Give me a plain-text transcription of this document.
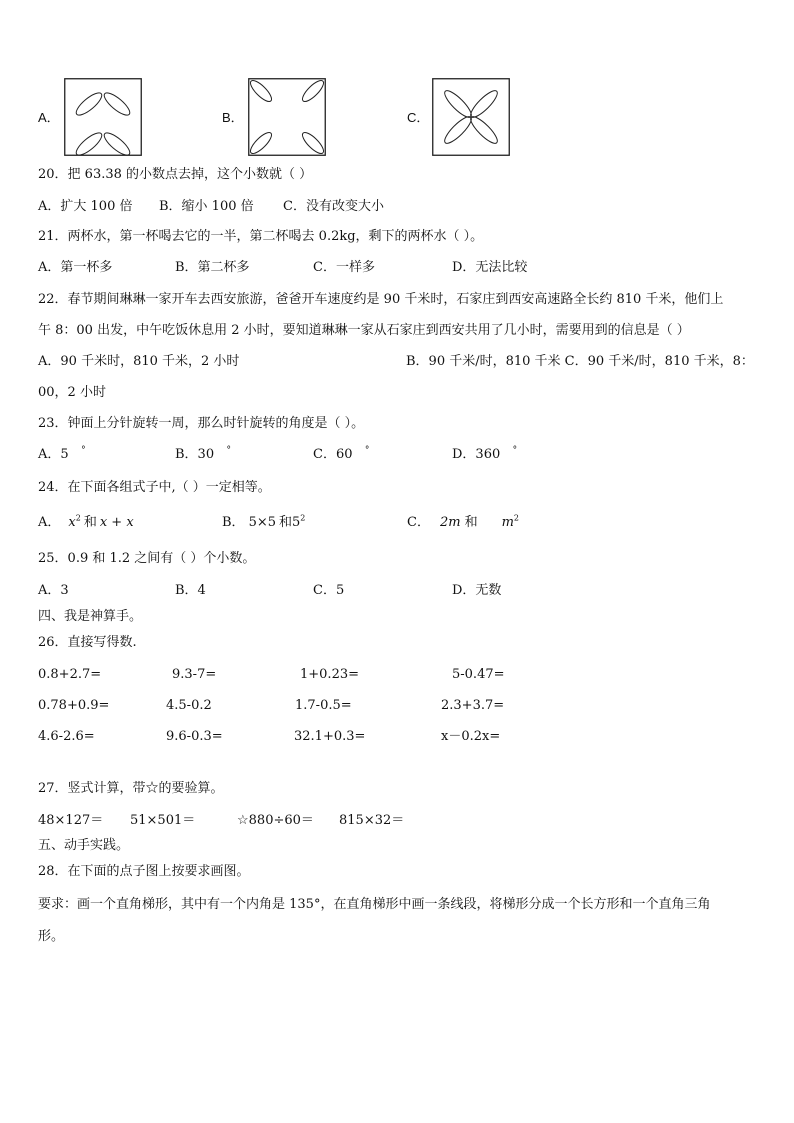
A．	B．	C．
20．把 63.38 的小数点去掉，这个小数就（ ）
A．扩大 100 倍 B．缩小 100 倍 C．没有改变大小
21．两杯水，第一杯喝去它的一半，第二杯喝去 0.2kg，剩下的两杯水（ ）。
A．第一杯多	B．第二杯多	C．一样多	D．无法比较
22．春节期间琳琳一家开车去西安旅游，爸爸开车速度约是 90 千米时，石家庄到西安高速路全长约 810 千米，他们上
午 8：00 出发，中午吃饭休息用 2 小时，要知道琳琳一家从石家庄到西安共用了几小时，需要用到的信息是（ ）
A．90 千米时，810 千米，2 小时	B．90 千米/时，810 千米 C．90 千米/时，810 千米，8：
00，2 小时
23．钟面上分针旋转一周，那么时针旋转的角度是（ ）。
A．5 °	B．30 °	C．60 °	D．360 °
24．在下面各组式子中,（ ）一定相等。
A． $x^2$ 和 x + x	B． 5×5 和$5^2$	C． 2m 和 $m^2$
25．0.9 和 1.2 之间有（ ）个小数。
A．3	B．4	C．5	D．无数
四、我是神算手。
26．直接写得数.
0.8+2.7=	9.3-7=	1+0.23=	5-0.47=
0.78+0.9=	4.5-0.2	1.7-0.5=	2.3+3.7=
4.6-2.6=	9.6-0.3=	32.1+0.3=	x－0.2x=
27．竖式计算，带☆的要验算。
48×127＝ 51×501＝	☆880÷60＝ 815×32＝
五、动手实践。
28．在下面的点子图上按要求画图。
要求：画一个直角梯形，其中有一个内角是 135°，在直角梯形中画一条线段，将梯形分成一个长方形和一个直角三角
形。
